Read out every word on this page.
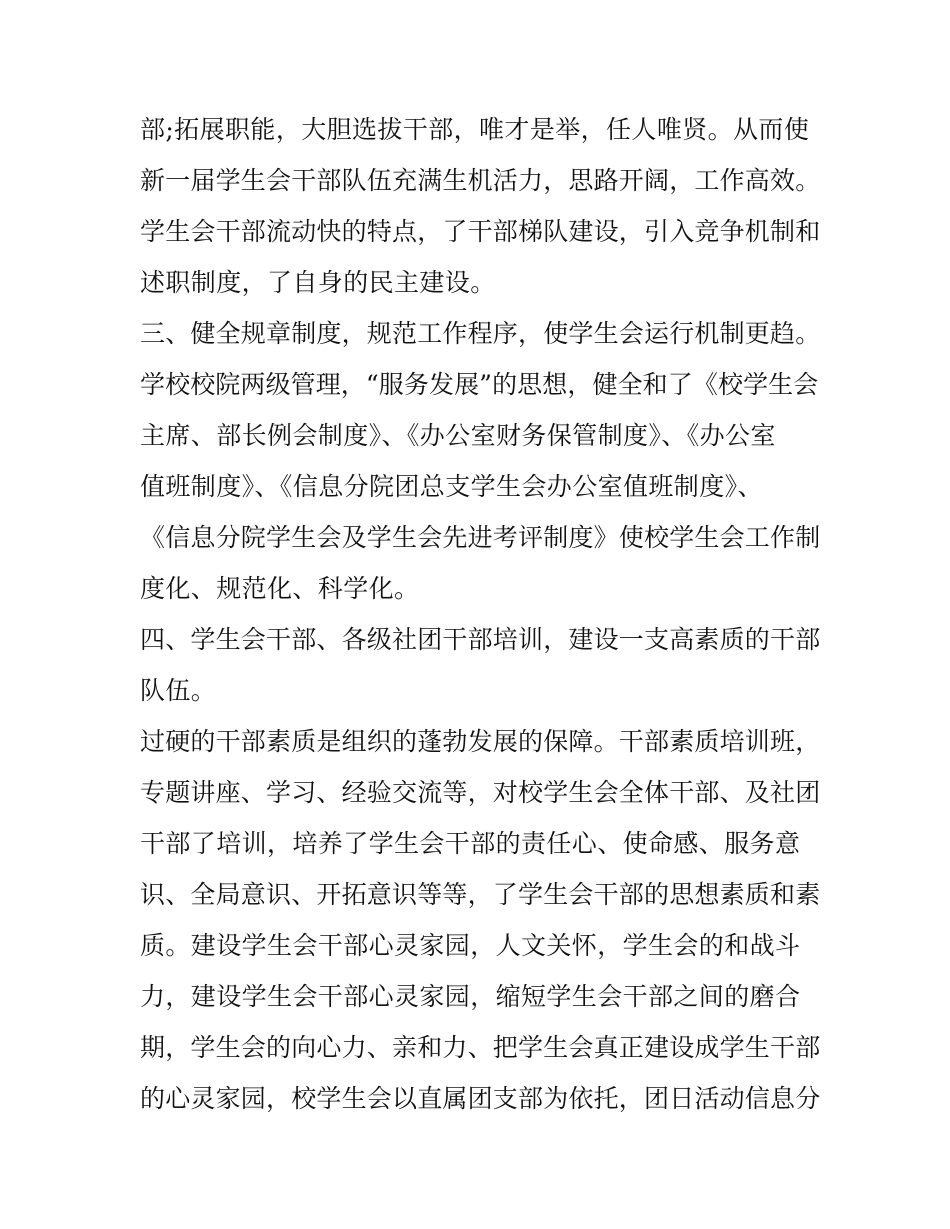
部;拓展职能，大胆选拔干部，唯才是举，任人唯贤。从而使
新一届学生会干部队伍充满生机活力，思路开阔，工作高效。
学生会干部流动快的特点，了干部梯队建设，引入竞争机制和
述职制度，了自身的民主建设。
三、健全规章制度，规范工作程序，使学生会运行机制更趋。
学校校院两级管理，“服务发展”的思想，健全和了《校学生会
主席、部长例会制度》、《办公室财务保管制度》、《办公室
值班制度》、《信息分院团总支学生会办公室值班制度》、
《信息分院学生会及学生会先进考评制度》使校学生会工作制
度化、规范化、科学化。
四、学生会干部、各级社团干部培训，建设一支高素质的干部
队伍。
过硬的干部素质是组织的蓬勃发展的保障。干部素质培训班，
专题讲座、学习、经验交流等，对校学生会全体干部、及社团
干部了培训，培养了学生会干部的责任心、使命感、服务意
识、全局意识、开拓意识等等，了学生会干部的思想素质和素
质。建设学生会干部心灵家园，人文关怀，学生会的和战斗
力，建设学生会干部心灵家园，缩短学生会干部之间的磨合
期，学生会的向心力、亲和力、把学生会真正建设成学生干部
的心灵家园，校学生会以直属团支部为依托，团日活动信息分
